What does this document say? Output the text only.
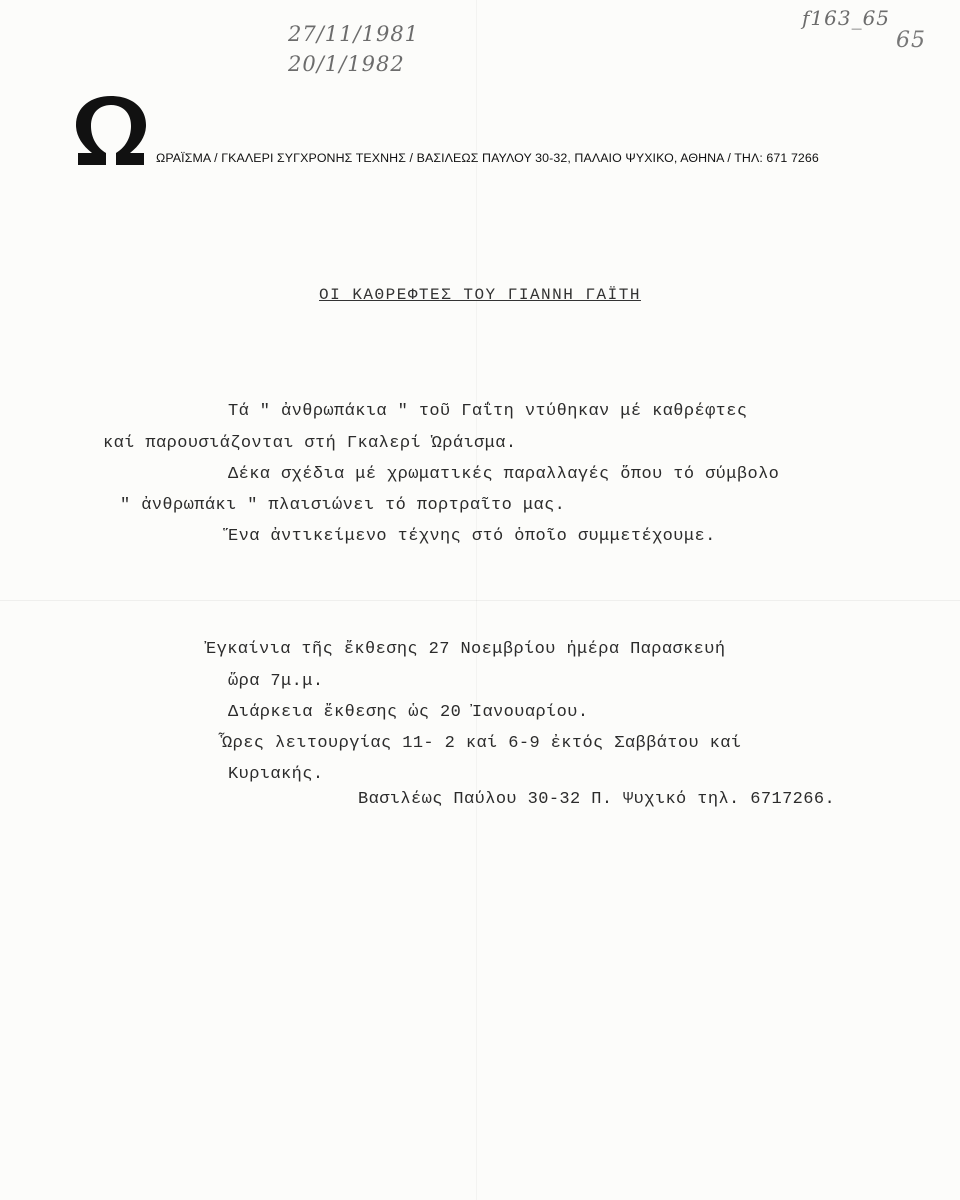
27/11/1981
20/1/1982
f163_65
65
ΩΡΑΪΣΜΑ / ΓΚΑΛΕΡΙ ΣΥΓΧΡΟΝΗΣ ΤΕΧΝΗΣ / ΒΑΣΙΛΕΩΣ ΠΑΥΛΟΥ 30-32, ΠΑΛΑΙΟ ΨΥΧΙΚΟ, ΑΘΗΝΑ / ΤΗΛ: 671 7266
ΟΙ ΚΑΘΡΕΦΤΕΣ ΤΟΥ ΓΙΑΝΝΗ ΓΑΪΤΗ
Τά " ἀνθρωπάκια " τοῦ Γαΐτη ντύθηκαν μέ καθρέφτες
καί παρουσιάζονται στή Γκαλερί Ὡράισμα.
Δέκα σχέδια μέ χρωματικές παραλλαγές ὅπου τό σύμβολο
" ἀνθρωπάκι " πλαισιώνει τό πορτραῖτο μας.
Ἕνα ἀντικείμενο τέχνης στό ὁποῖο συμμετέχουμε.
Ἐγκαίνια τῆς ἔκθεσης 27 Νοεμβρίου ἡμέρα Παρασκευή
ὥρα 7μ.μ.
Διάρκεια ἔκθεσης ὡς 20 Ἰανουαρίου.
Ὧρες λειτουργίας 11- 2 καί 6-9 ἐκτός Σαββάτου καί
Κυριακής.
Βασιλέως Παύλου 30-32 Π. Ψυχικό τηλ. 6717266.
